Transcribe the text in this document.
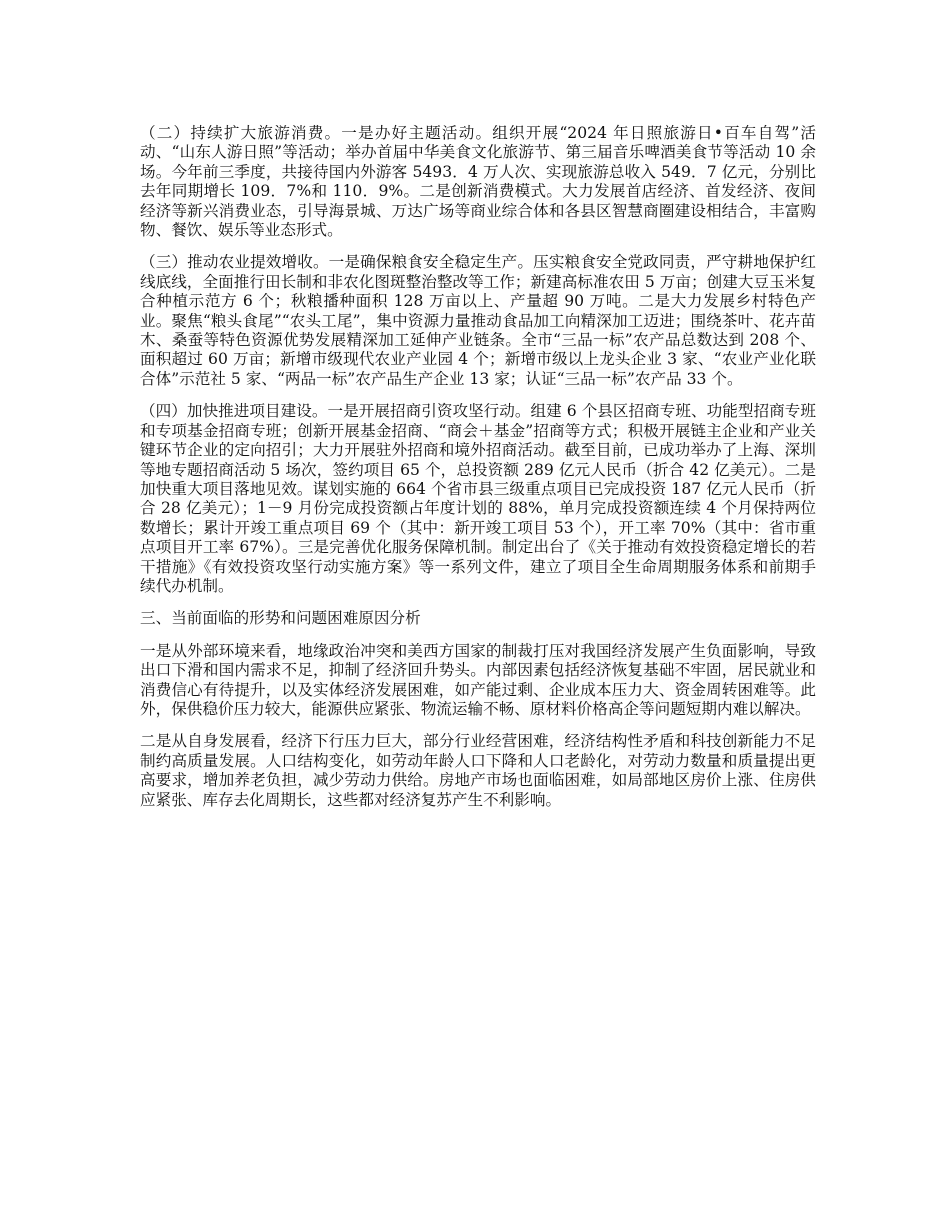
（二）持续扩大旅游消费。一是办好主题活动。组织开展“2024 年日照旅游日•百车自驾”活动、“山东人游日照”等活动；举办首届中华美食文化旅游节、第三届音乐啤酒美食节等活动 10 余场。今年前三季度，共接待国内外游客 5493．4 万人次、实现旅游总收入 549．7 亿元，分别比去年同期增长 109．7%和 110．9%。二是创新消费模式。大力发展首店经济、首发经济、夜间经济等新兴消费业态，引导海景城、万达广场等商业综合体和各县区智慧商圈建设相结合，丰富购物、餐饮、娱乐等业态形式。

（三）推动农业提效增收。一是确保粮食安全稳定生产。压实粮食安全党政同责，严守耕地保护红线底线，全面推行田长制和非农化图斑整治整改等工作；新建高标准农田 5 万亩；创建大豆玉米复合种植示范方 6 个；秋粮播种面积 128 万亩以上、产量超 90 万吨。二是大力发展乡村特色产业。聚焦“粮头食尾”“农头工尾”，集中资源力量推动食品加工向精深加工迈进；围绕茶叶、花卉苗木、桑蚕等特色资源优势发展精深加工延伸产业链条。全市“三品一标”农产品总数达到 208 个、面积超过 60 万亩；新增市级现代农业产业园 4 个；新增市级以上龙头企业 3 家、“农业产业化联合体”示范社 5 家、“两品一标”农产品生产企业 13 家；认证“三品一标”农产品 33 个。

（四）加快推进项目建设。一是开展招商引资攻坚行动。组建 6 个县区招商专班、功能型招商专班和专项基金招商专班；创新开展基金招商、“商会＋基金”招商等方式；积极开展链主企业和产业关键环节企业的定向招引；大力开展驻外招商和境外招商活动。截至目前，已成功举办了上海、深圳等地专题招商活动 5 场次，签约项目 65 个，总投资额 289 亿元人民币（折合 42 亿美元）。二是加快重大项目落地见效。谋划实施的 664 个省市县三级重点项目已完成投资 187 亿元人民币（折合 28 亿美元）；1－9 月份完成投资额占年度计划的 88%，单月完成投资额连续 4 个月保持两位数增长；累计开竣工重点项目 69 个（其中：新开竣工项目 53 个），开工率 70%（其中：省市重点项目开工率 67%）。三是完善优化服务保障机制。制定出台了《关于推动有效投资稳定增长的若干措施》《有效投资攻坚行动实施方案》等一系列文件，建立了项目全生命周期服务体系和前期手续代办机制。

三、当前面临的形势和问题困难原因分析

一是从外部环境来看，地缘政治冲突和美西方国家的制裁打压对我国经济发展产生负面影响，导致出口下滑和国内需求不足，抑制了经济回升势头。内部因素包括经济恢复基础不牢固，居民就业和消费信心有待提升，以及实体经济发展困难，如产能过剩、企业成本压力大、资金周转困难等。此外，保供稳价压力较大，能源供应紧张、物流运输不畅、原材料价格高企等问题短期内难以解决。

二是从自身发展看，经济下行压力巨大，部分行业经营困难，经济结构性矛盾和科技创新能力不足制约高质量发展。人口结构变化，如劳动年龄人口下降和人口老龄化，对劳动力数量和质量提出更高要求，增加养老负担，减少劳动力供给。房地产市场也面临困难，如局部地区房价上涨、住房供应紧张、库存去化周期长，这些都对经济复苏产生不利影响。
